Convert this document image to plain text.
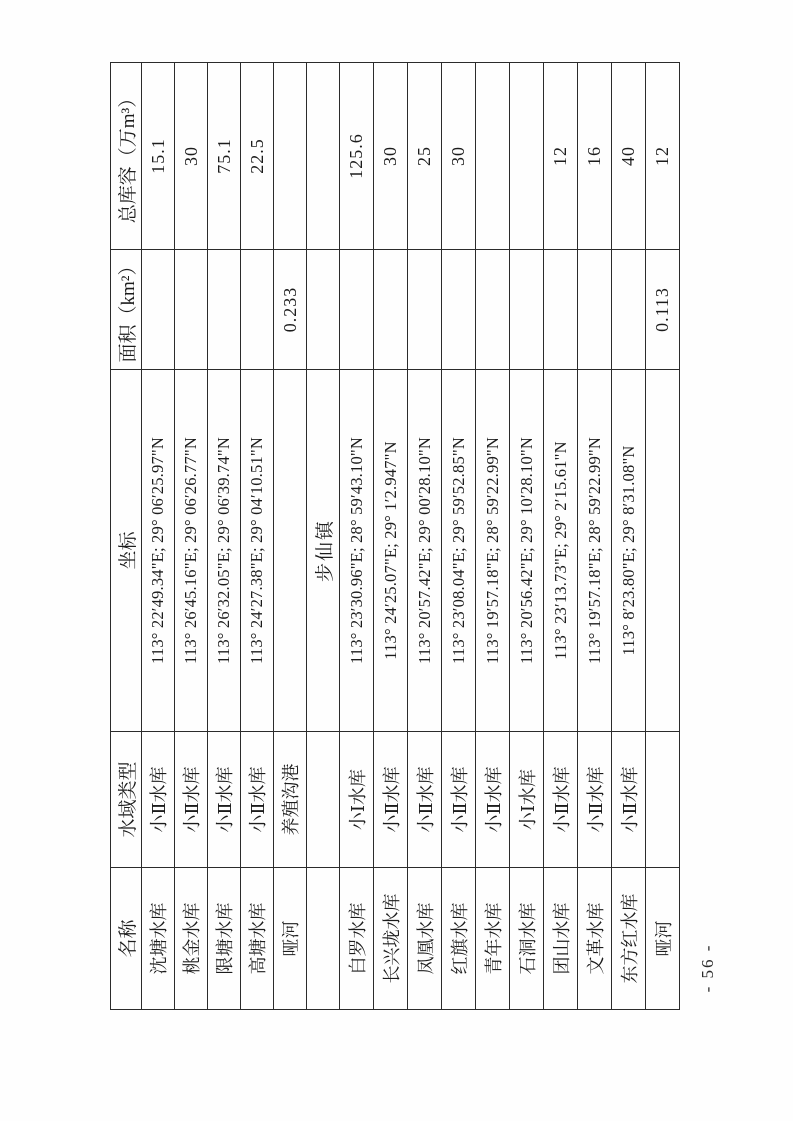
名称	水域类型	坐标	面积（km²）	总库容（万m³）
沈塘水库	小Ⅱ水库	113° 22′49.34"E; 29° 06′25.97"N		15.1
桃金水库	小Ⅱ水库	113° 26′45.16"E; 29° 06′26.77"N		30
限塘水库	小Ⅱ水库	113° 26′32.05"E; 29° 06′39.74"N		75.1
高塘水库	小Ⅱ水库	113° 24′27.38"E; 29° 04′10.51"N		22.5
哑河	养殖沟港		0.233	
		步仙镇		
白罗水库	小Ⅰ水库	113° 23′30.96"E; 28° 59′43.10"N		125.6
长兴垅水库	小Ⅱ水库	113° 24′25.07"E; 29° 1′2.947"N		30
凤凰水库	小Ⅱ水库	113° 20′57.42"E; 29° 00′28.10"N		25
红旗水库	小Ⅱ水库	113° 23′08.04"E; 29° 59′52.85"N		30
青年水库	小Ⅱ水库	113° 19′57.18"E; 28° 59′22.99"N		
石洞水库	小Ⅰ水库	113° 20′56.42"E; 29° 10′28.10"N		
团山水库	小Ⅱ水库	113° 23′13.73"E; 29° 2′15.61"N		12
文革水库	小Ⅱ水库	113° 19′57.18"E; 28° 59′22.99"N		16
东方红水库	小Ⅱ水库	113° 8′23.80"E; 29° 8′31.08"N		40
哑河			0.113	12
- 56 -
